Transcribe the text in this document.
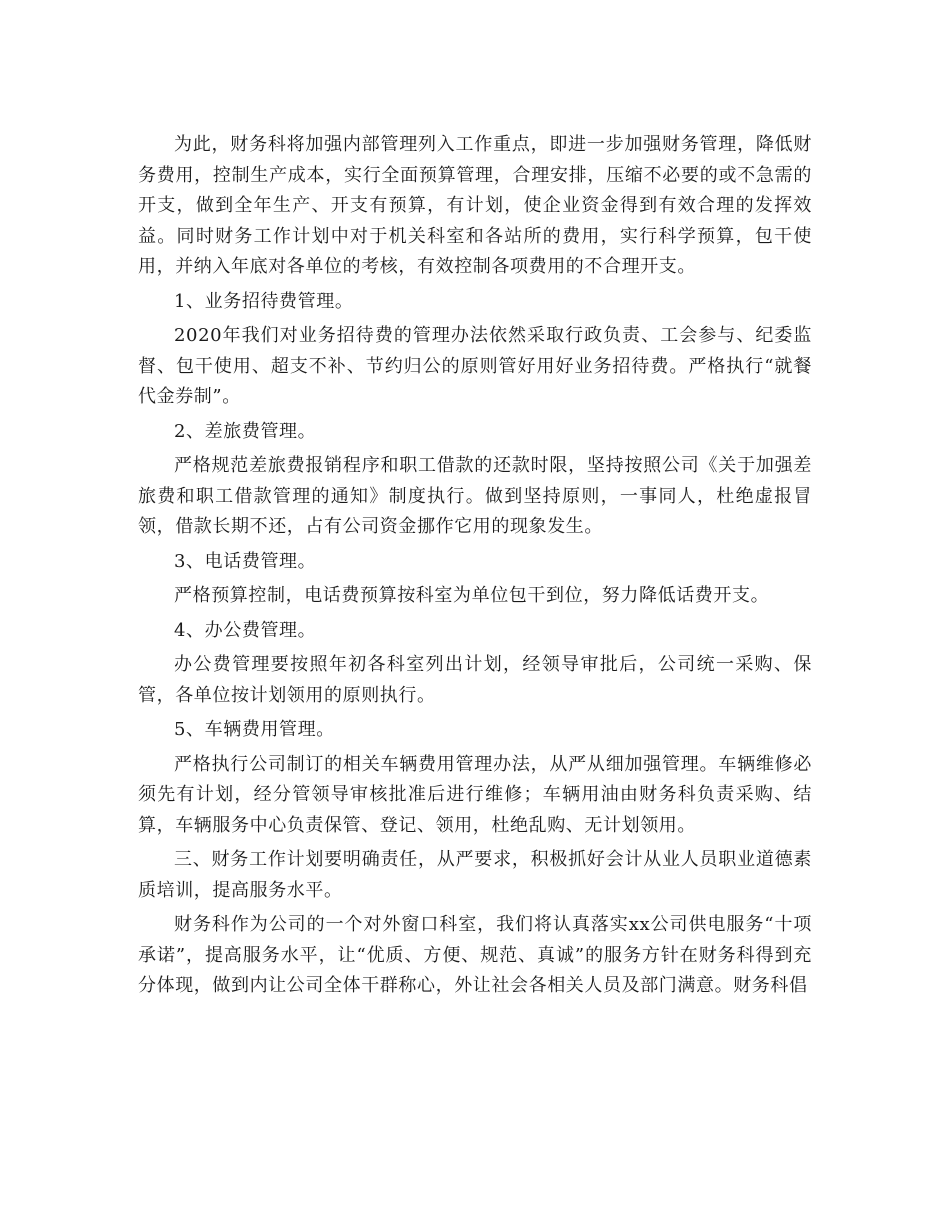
为此，财务科将加强内部管理列入工作重点，即进一步加强财务管理，降低财务费用，控制生产成本，实行全面预算管理，合理安排，压缩不必要的或不急需的开支，做到全年生产、开支有预算，有计划，使企业资金得到有效合理的发挥效益。同时财务工作计划中对于机关科室和各站所的费用，实行科学预算，包干使用，并纳入年底对各单位的考核，有效控制各项费用的不合理开支。

1、业务招待费管理。

2020年我们对业务招待费的管理办法依然采取行政负责、工会参与、纪委监督、包干使用、超支不补、节约归公的原则管好用好业务招待费。严格执行“就餐代金券制”。

2、差旅费管理。

严格规范差旅费报销程序和职工借款的还款时限，坚持按照公司《关于加强差旅费和职工借款管理的通知》制度执行。做到坚持原则，一事同人，杜绝虚报冒领，借款长期不还，占有公司资金挪作它用的现象发生。

3、电话费管理。

严格预算控制，电话费预算按科室为单位包干到位，努力降低话费开支。

4、办公费管理。

办公费管理要按照年初各科室列出计划，经领导审批后，公司统一采购、保管，各单位按计划领用的原则执行。

5、车辆费用管理。

严格执行公司制订的相关车辆费用管理办法，从严从细加强管理。车辆维修必须先有计划，经分管领导审核批准后进行维修；车辆用油由财务科负责采购、结算，车辆服务中心负责保管、登记、领用，杜绝乱购、无计划领用。

三、财务工作计划要明确责任，从严要求，积极抓好会计从业人员职业道德素质培训，提高服务水平。

财务科作为公司的一个对外窗口科室，我们将认真落实xx公司供电服务“十项承诺”，提高服务水平，让“优质、方便、规范、真诚”的服务方针在财务科得到充分体现，做到内让公司全体干群称心，外让社会各相关人员及部门满意。财务科倡
